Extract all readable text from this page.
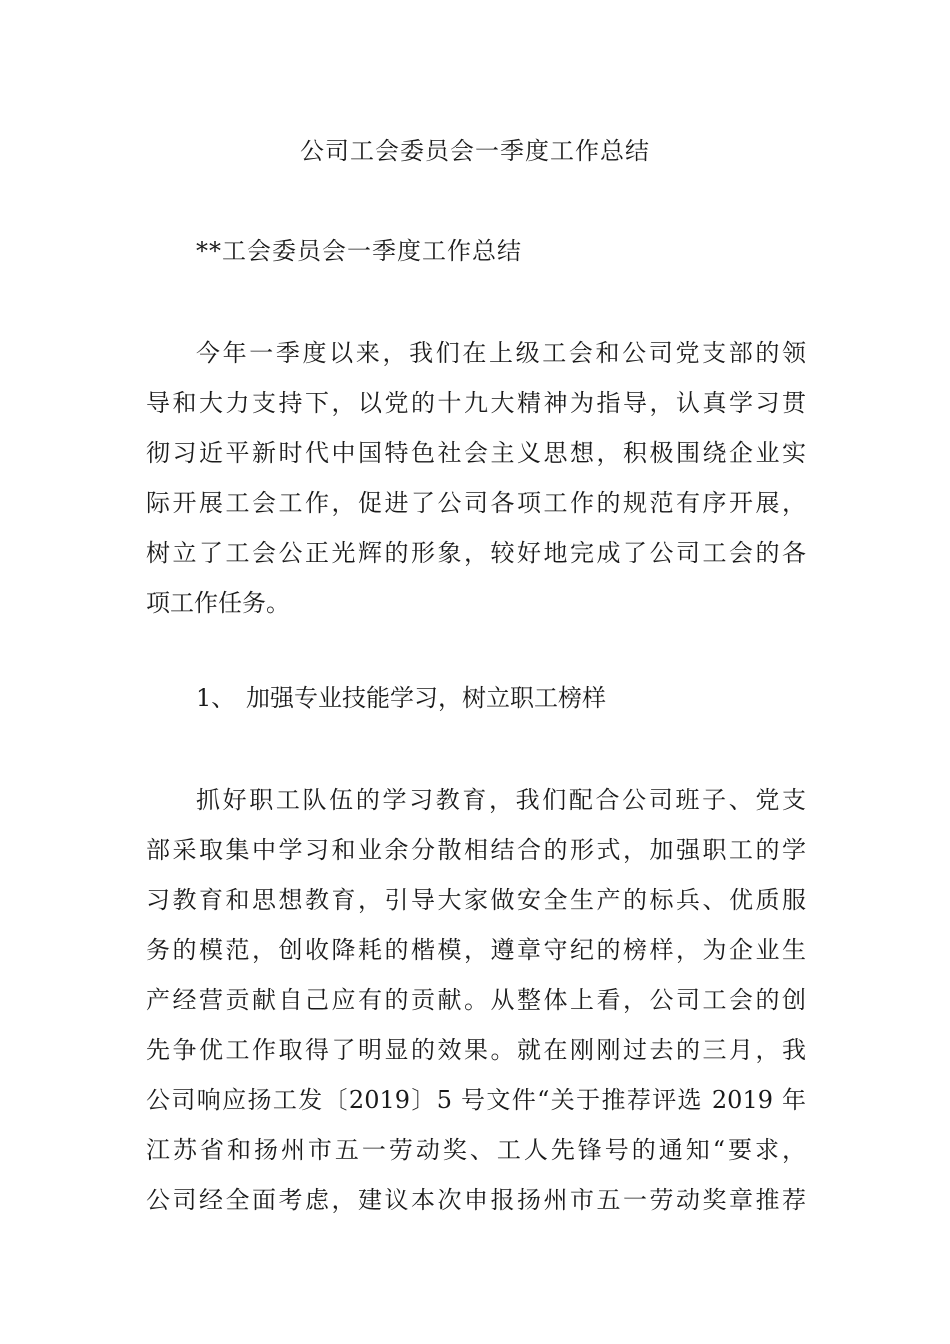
公司工会委员会一季度工作总结
**工会委员会一季度工作总结
今年一季度以来，我们在上级工会和公司党支部的领
导和大力支持下，以党的十九大精神为指导，认真学习贯
彻习近平新时代中国特色社会主义思想，积极围绕企业实
际开展工会工作，促进了公司各项工作的规范有序开展，
树立了工会公正光辉的形象，较好地完成了公司工会的各
项工作任务。
1、 加强专业技能学习，树立职工榜样
抓好职工队伍的学习教育，我们配合公司班子、党支
部采取集中学习和业余分散相结合的形式，加强职工的学
习教育和思想教育，引导大家做安全生产的标兵、优质服
务的模范，创收降耗的楷模，遵章守纪的榜样，为企业生
产经营贡献自己应有的贡献。从整体上看，公司工会的创
先争优工作取得了明显的效果。就在刚刚过去的三月，我
公司响应扬工发〔2019〕5 号文件“关于推荐评选 2019 年
江苏省和扬州市五一劳动奖、工人先锋号的通知“要求，
公司经全面考虑，建议本次申报扬州市五一劳动奖章推荐
